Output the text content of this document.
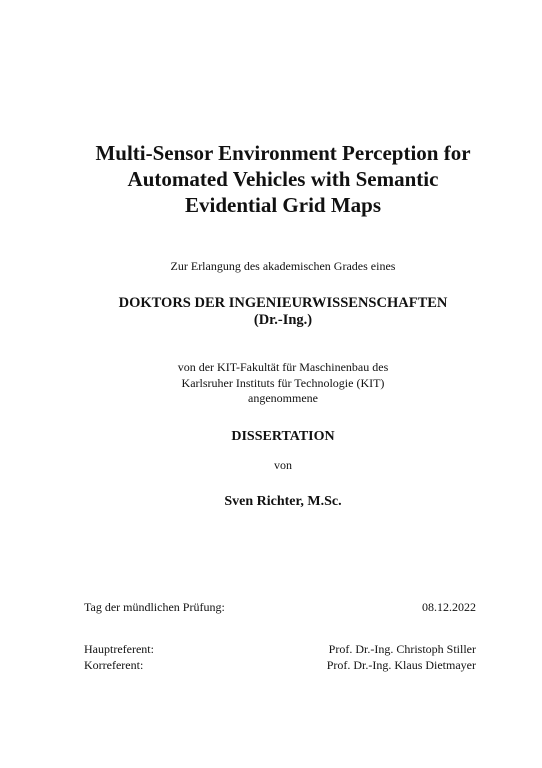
Multi-Sensor Environment Perception for
Automated Vehicles with Semantic
Evidential Grid Maps
Zur Erlangung des akademischen Grades eines
DOKTORS DER INGENIEURWISSENSCHAFTEN
(Dr.-Ing.)
von der KIT-Fakultät für Maschinenbau des
Karlsruher Instituts für Technologie (KIT)
angenommene
DISSERTATION
von
Sven Richter, M.Sc.
Tag der mündlichen Prüfung:	08.12.2022
Hauptreferent:	Prof. Dr.-Ing. Christoph Stiller
Korreferent:	Prof. Dr.-Ing. Klaus Dietmayer
